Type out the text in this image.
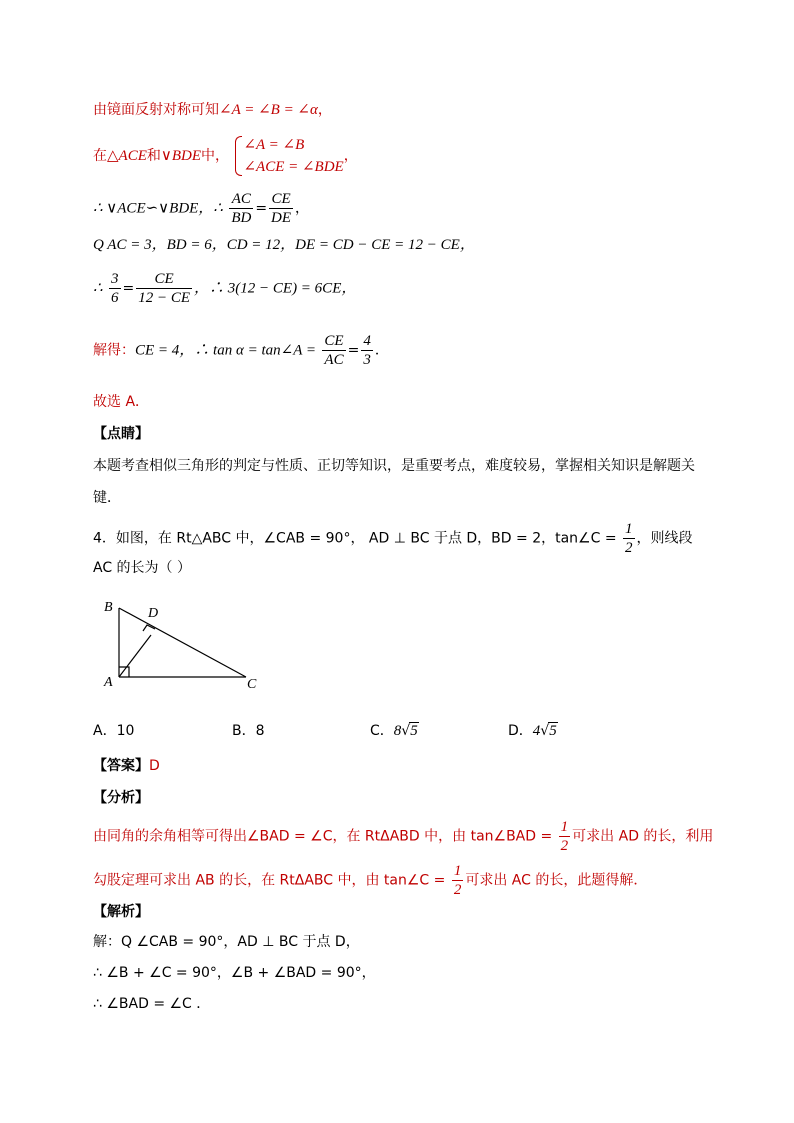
由镜面反射对称可知∠A = ∠B = ∠α，
在△ACE和∨BDE中，
∠A = ∠B
∠ACE = ∠BDE
，
∴ ∨ACE∽∨BDE，∴ $\frac{AC}{BD} = \frac{CE}{DE}$ ，
Q AC = 3，BD = 6，CD = 12，DE = CD − CE = 12 − CE，
∴ $\frac{3}{6} = \frac{CE}{12 - CE}$ ，∴ 3(12 − CE) = 6CE，
解得：CE = 4，∴ tan α = tan∠A = $\frac{CE}{AC} = \frac{4}{3}$ ．
故选 A．
【点睛】
本题考查相似三角形的判定与性质、正切等知识，是重要考点，难度较易，掌握相关知识是解题关
键．
4．如图，在 Rt△ABC 中，∠CAB = 90°， AD ⊥ BC 于点 D，BD = 2，tan∠C = $\frac{1}{2}$ ，则线段
AC 的长为（ ）
B	D
A	C
A．10	B．8	C．8√5	D．4√5
【答案】D
【分析】
由同角的余角相等可得出∠BAD = ∠C，在 RtΔABD 中，由 tan∠BAD = $\frac{1}{2}$ 可求出 AD 的长，利用
勾股定理可求出 AB 的长，在 RtΔABC 中，由 tan∠C = $\frac{1}{2}$ 可求出 AC 的长，此题得解．
【解析】
解：Q ∠CAB = 90°，AD ⊥ BC 于点 D，
∴ ∠B + ∠C = 90°，∠B + ∠BAD = 90°，
∴ ∠BAD = ∠C ．
